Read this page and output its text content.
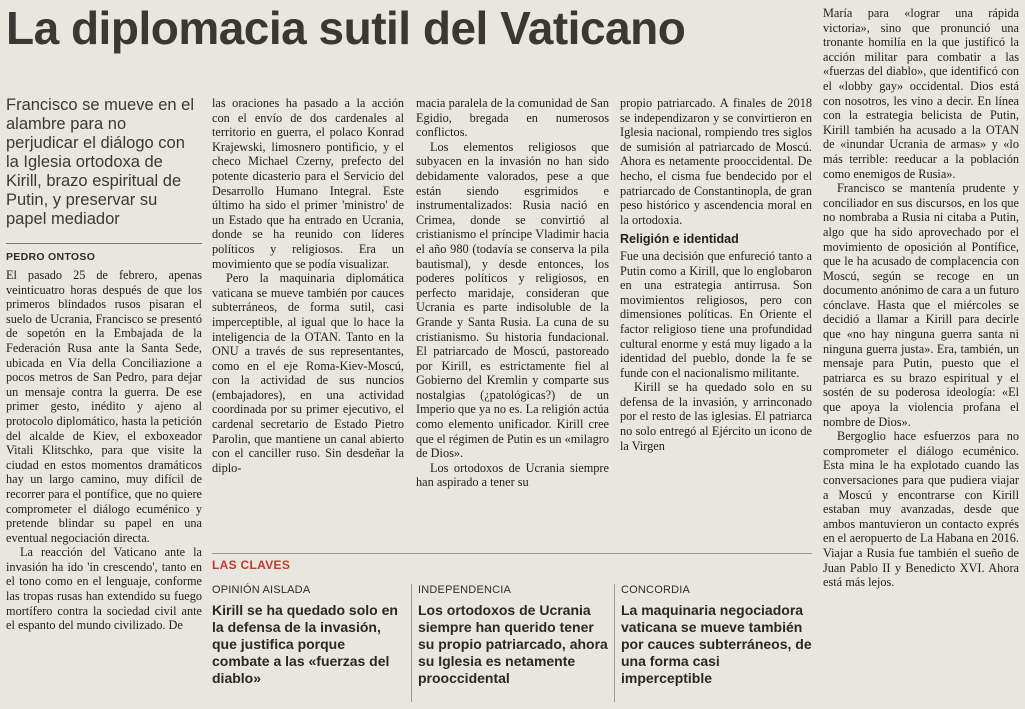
La diplomacia sutil del Vaticano
Francisco se mueve en el alambre para no perjudicar el diálogo con la Iglesia ortodoxa de Kirill, brazo espiritual de Putin, y preservar su papel mediador
PEDRO ONTOSO

El pasado 25 de febrero, apenas veinticuatro horas después de que los primeros blindados rusos pisaran el suelo de Ucrania, Francisco se presentó de sopetón en la Embajada de la Federación Rusa ante la Santa Sede, ubicada en Vía della Conciliazione a pocos metros de San Pedro, para dejar un mensaje contra la guerra. De ese primer gesto, inédito y ajeno al protocolo diplomático, hasta la petición del alcalde de Kiev, el exboxeador Vitali Klitschko, para que visite la ciudad en estos momentos dramáticos hay un largo camino, muy difícil de recorrer para el pontífice, que no quiere comprometer el diálogo ecuménico y pretende blindar su papel en una eventual negociación directa.

La reacción del Vaticano ante la invasión ha ido 'in crescendo', tanto en el tono como en el lenguaje, conforme las tropas rusas han extendido su fuego mortífero contra la sociedad civil ante el espanto del mundo civilizado. De

las oraciones ha pasado a la acción con el envío de dos cardenales al territorio en guerra, el polaco Konrad Krajewski, limosnero pontificio, y el checo Michael Czerny, prefecto del potente dicasterio para el Servicio del Desarrollo Humano Integral. Este último ha sido el primer 'ministro' de un Estado que ha entrado en Ucrania, donde se ha reunido con líderes políticos y religiosos. Era un movimiento que se podía visualizar.

Pero la maquinaria diplomática vaticana se mueve también por cauces subterráneos, de forma sutil, casi imperceptible, al igual que lo hace la inteligencia de la OTAN. Tanto en la ONU a través de sus representantes, como en el eje Roma-Kiev-Moscú, con la actividad de sus nuncios (embajadores), en una actividad coordinada por su primer ejecutivo, el cardenal secretario de Estado Pietro Parolin, que mantiene un canal abierto con el canciller ruso. Sin desdeñar la diplo-

macia paralela de la comunidad de San Egidio, bregada en numerosos conflictos.

Los elementos religiosos que subyacen en la invasión no han sido debidamente valorados, pese a que están siendo esgrimidos e instrumentalizados: Rusia nació en Crimea, donde se convirtió al cristianismo el príncipe Vladimir hacia el año 980 (todavía se conserva la pila bautismal), y desde entonces, los poderes políticos y religiosos, en perfecto maridaje, consideran que Ucrania es parte indisoluble de la Grande y Santa Rusia. La cuna de su cristianismo. Su historia fundacional. El patriarcado de Moscú, pastoreado por Kirill, es estrictamente fiel al Gobierno del Kremlin y comparte sus nostalgias (¿patológicas?) de un Imperio que ya no es. La religión actúa como elemento unificador. Kirill cree que el régimen de Putin es un «milagro de Dios».

Los ortodoxos de Ucrania siempre han aspirado a tener su

propio patriarcado. A finales de 2018 se independizaron y se convirtieron en Iglesia nacional, rompiendo tres siglos de sumisión al patriarcado de Moscú. Ahora es netamente prooccidental. De hecho, el cisma fue bendecido por el patriarcado de Constantinopla, de gran peso histórico y ascendencia moral en la ortodoxia.

Religión e identidad

Fue una decisión que enfureció tanto a Putin como a Kirill, que lo englobaron en una estrategia antirrusa. Son movimientos religiosos, pero con dimensiones políticas. En Oriente el factor religioso tiene una profundidad cultural enorme y está muy ligado a la identidad del pueblo, donde la fe se funde con el nacionalismo militante.

Kirill se ha quedado solo en su defensa de la invasión, y arrinconado por el resto de las iglesias. El patriarca no solo entregó al Ejército un icono de la Virgen

María para «lograr una rápida victoria», sino que pronunció una tronante homilía en la que justificó la acción militar para combatir a las «fuerzas del diablo», que identificó con el «lobby gay» occidental. Dios está con nosotros, les vino a decir. En línea con la estrategia belicista de Putin, Kirill también ha acusado a la OTAN de «inundar Ucrania de armas» y «lo más terrible: reeducar a la población como enemigos de Rusia».

Francisco se mantenía prudente y conciliador en sus discursos, en los que no nombraba a Rusia ni citaba a Putin, algo que ha sido aprovechado por el movimiento de oposición al Pontífice, que le ha acusado de complacencia con Moscú, según se recoge en un documento anónimo de cara a un futuro cónclave. Hasta que el miércoles se decidió a llamar a Kirill para decirle que «no hay ninguna guerra santa ni ninguna guerra justa». Era, también, un mensaje para Putin, puesto que el patriarca es su brazo espiritual y el sostén de su poderosa ideología: «El que apoya la violencia profana el nombre de Dios».

Bergoglio hace esfuerzos para no comprometer el diálogo ecuménico. Esta mina le ha explotado cuando las conversaciones para que pudiera viajar a Moscú y encontrarse con Kirill estaban muy avanzadas, desde que ambos mantuvieron un contacto exprés en el aeropuerto de La Habana en 2016. Viajar a Rusia fue también el sueño de Juan Pablo II y Benedicto XVI. Ahora está más lejos.

LAS CLAVES
OPINIÓN AISLADA
Kirill se ha quedado solo en la defensa de la invasión, que justifica porque combate a las «fuerzas del diablo»
INDEPENDENCIA
Los ortodoxos de Ucrania siempre han querido tener su propio patriarcado, ahora su Iglesia es netamente prooccidental
CONCORDIA
La maquinaria negociadora vaticana se mueve también por cauces subterráneos, de una forma casi imperceptible
